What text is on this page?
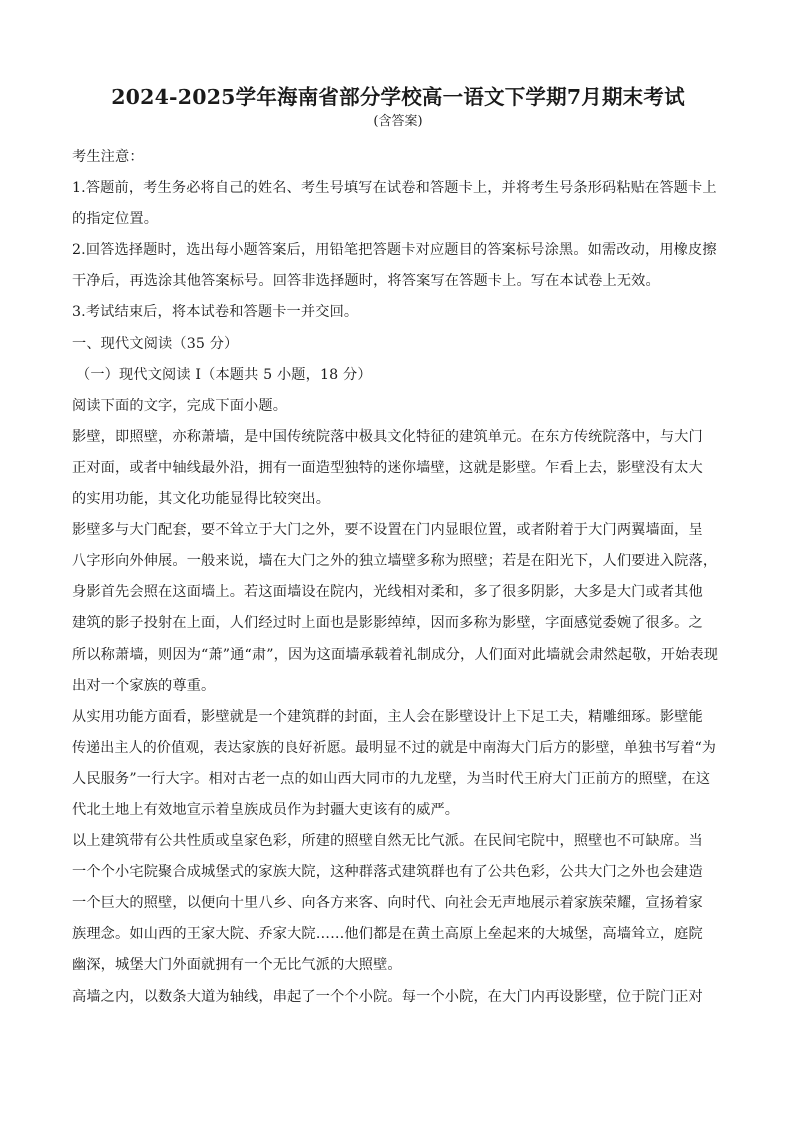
2024-2025学年海南省部分学校高一语文下学期7月期末考试

(含答案)

考生注意：

1.答题前，考生务必将自己的姓名、考生号填写在试卷和答题卡上，并将考生号条形码粘贴在答题卡上

的指定位置。

2.回答选择题时，选出每小题答案后，用铅笔把答题卡对应题目的答案标号涂黑。如需改动，用橡皮擦

干净后，再选涂其他答案标号。回答非选择题时，将答案写在答题卡上。写在本试卷上无效。

3.考试结束后，将本试卷和答题卡一并交回。

一、现代文阅读（35 分）

（一）现代文阅读 I（本题共 5 小题，18 分）

阅读下面的文字，完成下面小题。

影壁，即照壁，亦称萧墙，是中国传统院落中极具文化特征的建筑单元。在东方传统院落中，与大门

正对面，或者中轴线最外沿，拥有一面造型独特的迷你墙壁，这就是影壁。乍看上去，影壁没有太大

的实用功能，其文化功能显得比较突出。

影壁多与大门配套，要不耸立于大门之外，要不设置在门内显眼位置，或者附着于大门两翼墙面，呈

八字形向外伸展。一般来说，墙在大门之外的独立墙壁多称为照壁；若是在阳光下，人们要进入院落，

身影首先会照在这面墙上。若这面墙设在院内，光线相对柔和，多了很多阴影，大多是大门或者其他

建筑的影子投射在上面，人们经过时上面也是影影绰绰，因而多称为影壁，字面感觉委婉了很多。之

所以称萧墙，则因为“萧”通“肃”，因为这面墙承载着礼制成分，人们面对此墙就会肃然起敬，开始表现

出对一个家族的尊重。

从实用功能方面看，影壁就是一个建筑群的封面，主人会在影壁设计上下足工夫，精雕细琢。影壁能

传递出主人的价值观，表达家族的良好祈愿。最明显不过的就是中南海大门后方的影壁，单独书写着“为

人民服务”一行大字。相对古老一点的如山西大同市的九龙壁，为当时代王府大门正前方的照壁，在这

代北土地上有效地宣示着皇族成员作为封疆大吏该有的威严。

以上建筑带有公共性质或皇家色彩，所建的照壁自然无比气派。在民间宅院中，照壁也不可缺席。当

一个个小宅院聚合成城堡式的家族大院，这种群落式建筑群也有了公共色彩，公共大门之外也会建造

一个巨大的照壁，以便向十里八乡、向各方来客、向时代、向社会无声地展示着家族荣耀，宣扬着家

族理念。如山西的王家大院、乔家大院……他们都是在黄土高原上垒起来的大城堡，高墙耸立，庭院

幽深，城堡大门外面就拥有一个无比气派的大照壁。

高墙之内，以数条大道为轴线，串起了一个个小院。每一个小院，在大门内再设影壁，位于院门正对
